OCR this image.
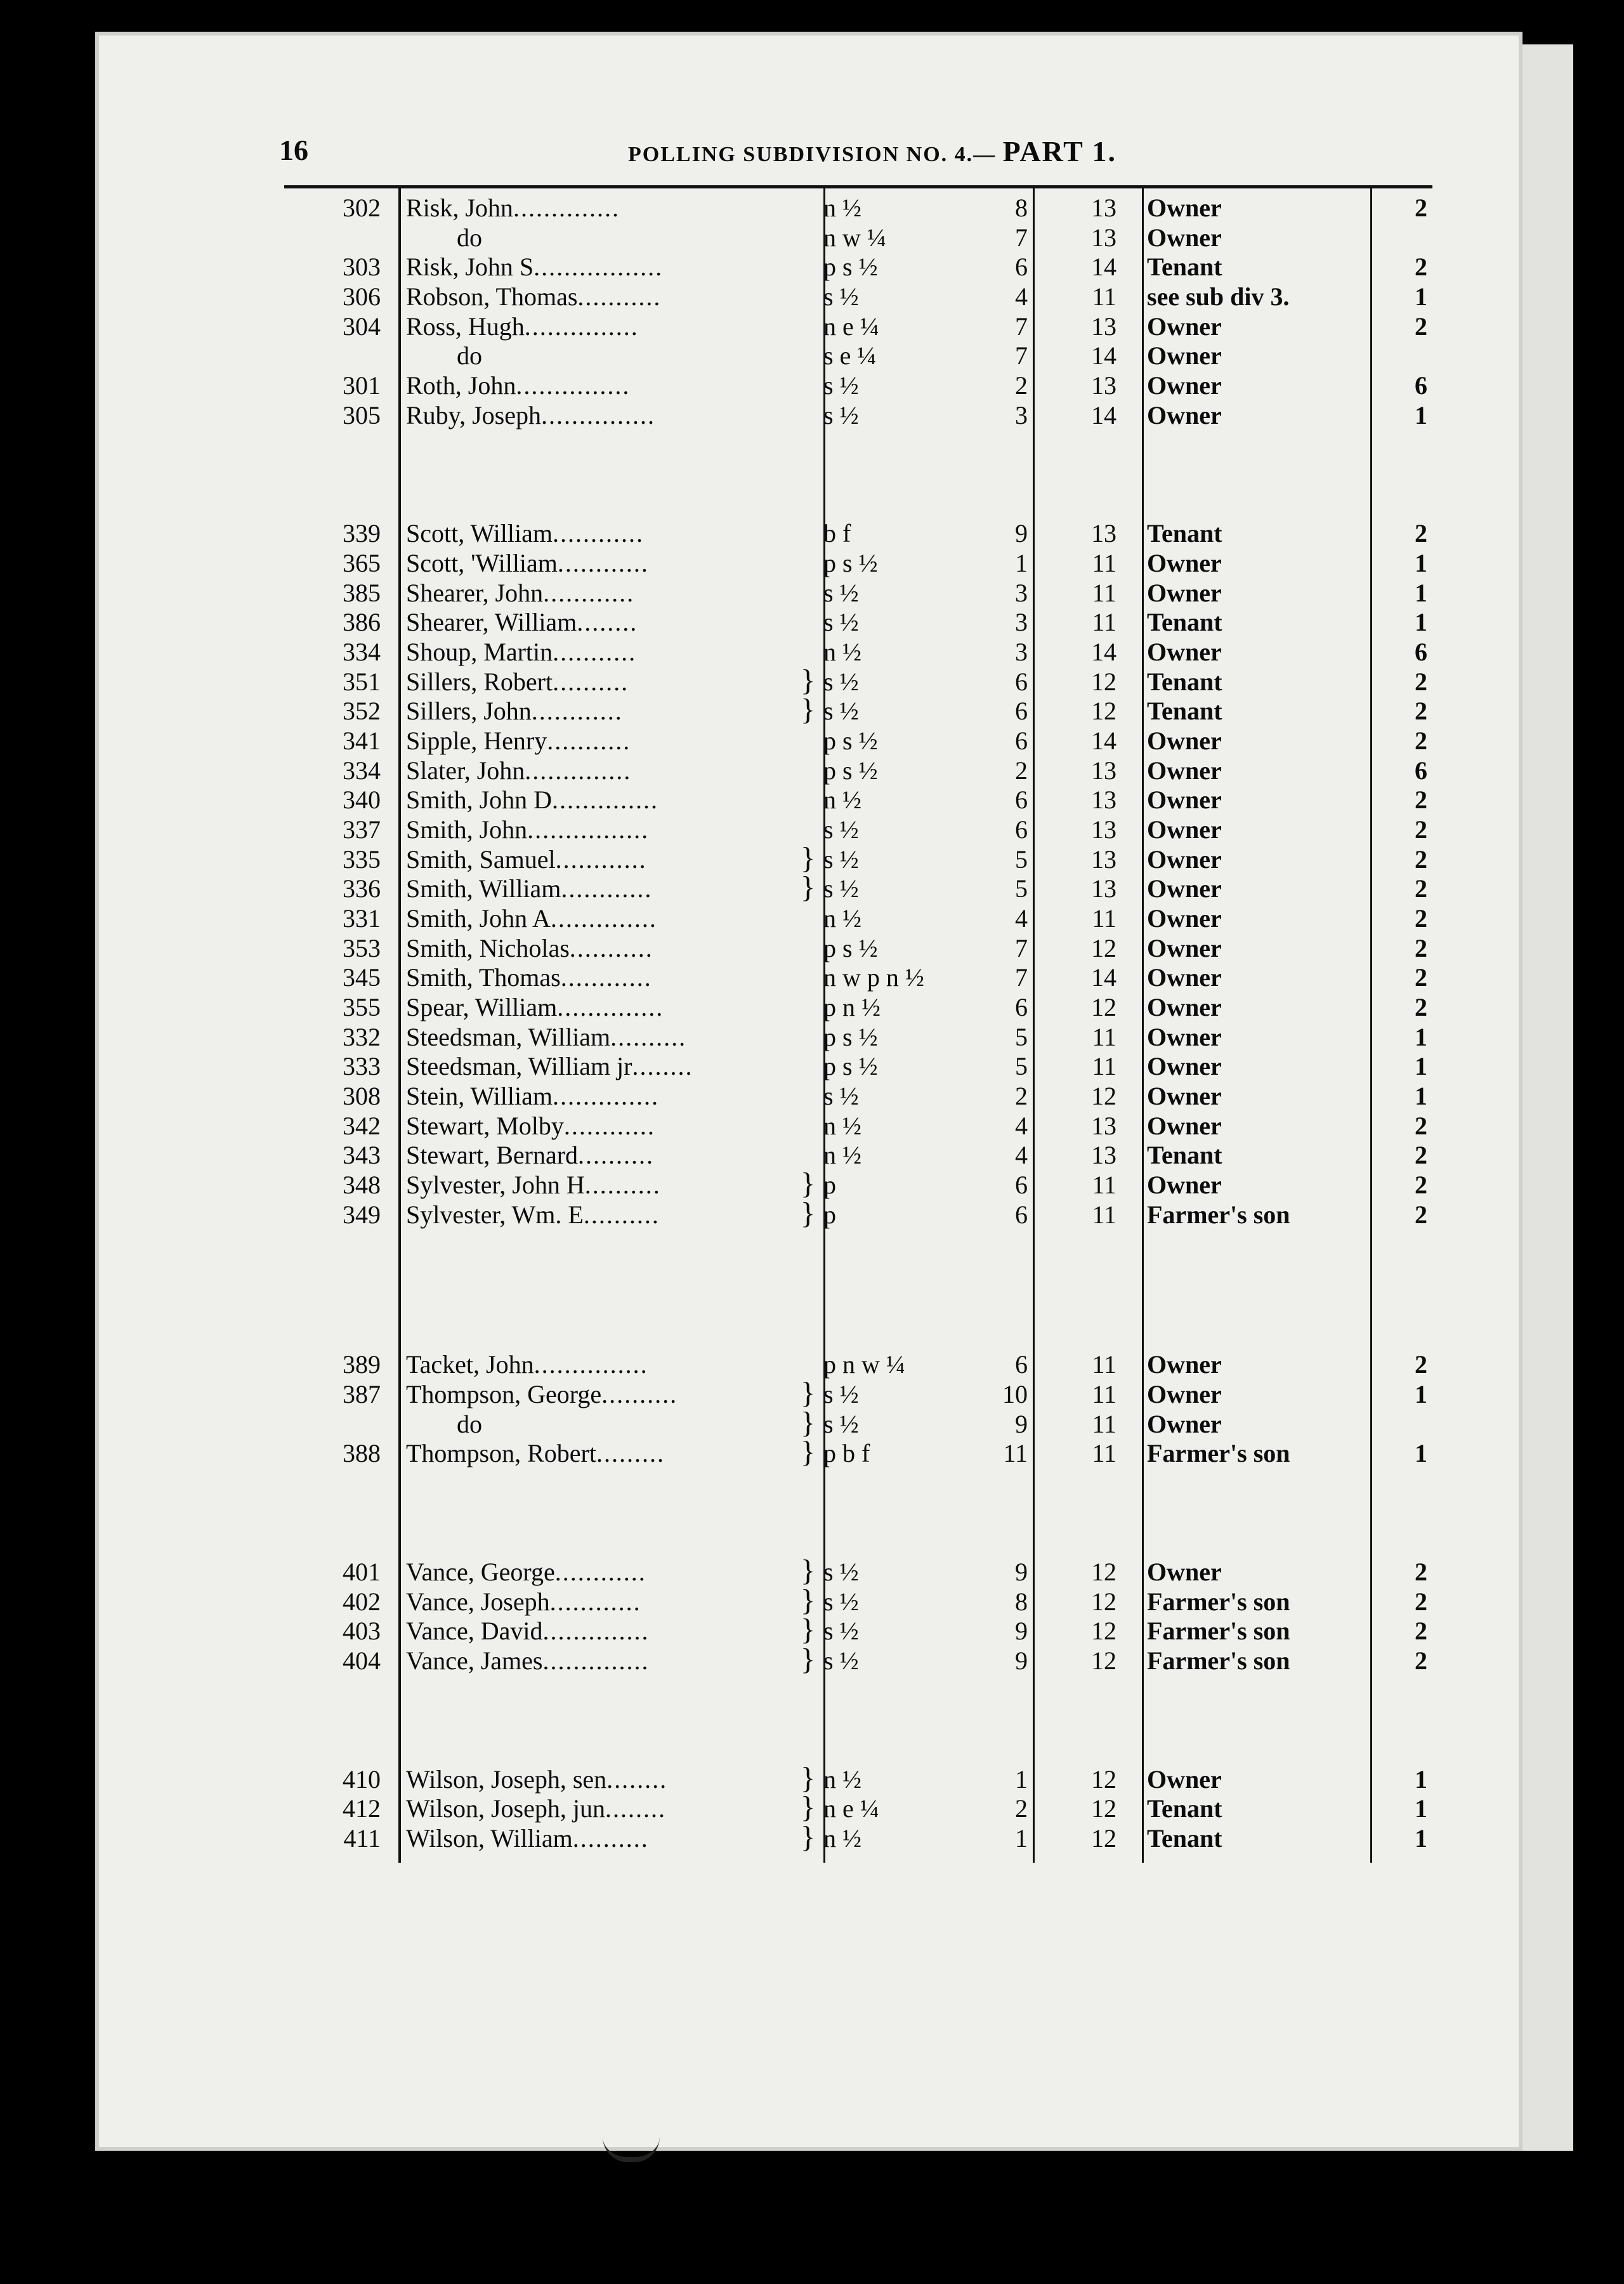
16	POLLING SUBDIVISION NO. 4.— PART 1.
302 Risk, John..............	n ½	8	13 Owner	2
do	n w ¼	7	13 Owner
303 Risk, John S.................	p s ½	6	14 Tenant	2
306 Robson, Thomas...........	s ½	4	11 see sub div 3.	1
304 Ross, Hugh...............	n e ¼	7	13 Owner	2
do	s e ¼	7	14 Owner
301 Roth, John...............	s ½	2	13 Owner	6
305 Ruby, Joseph...............	s ½	3	14 Owner	1
339 Scott, William............	b f	9	13 Tenant	2
365 Scott, 'William............	p s ½	1	11 Owner	1
385 Shearer, John............	s ½	3	11 Owner	1
386 Shearer, William........	s ½	3	11 Tenant	1
334 Shoup, Martin...........	n ½	3	14 Owner	6
351 Sillers, Robert..........	s ½	6	12 Tenant	2
}
352 Sillers, John............	s ½	6	12 Tenant	2
}
341 Sipple, Henry...........	p s ½	6	14 Owner	2
334 Slater, John..............	p s ½	2	13 Owner	6
340 Smith, John D..............	n ½	6	13 Owner	2
337 Smith, John................	s ½	6	13 Owner	2
335 Smith, Samuel............	s ½	5	13 Owner	2
}
336 Smith, William............	s ½	5	13 Owner	2
}
331 Smith, John A..............	n ½	4	11 Owner	2
353 Smith, Nicholas...........	p s ½	7	12 Owner	2
345 Smith, Thomas............	n w p n ½	7	14 Owner	2
355 Spear, William..............	p n ½	6	12 Owner	2
332 Steedsman, William..........	p s ½	5	11 Owner	1
333 Steedsman, William jr........	p s ½	5	11 Owner	1
308 Stein, William..............	s ½	2	12 Owner	1
342 Stewart, Molby............	n ½	4	13 Owner	2
343 Stewart, Bernard..........	n ½	4	13 Tenant	2
348 Sylvester, John H..........	p	6	11 Owner	2
}
349 Sylvester, Wm. E..........	p	6	11 Farmer's son	2
}
389 Tacket, John...............	p n w ¼	6	11 Owner	2
387 Thompson, George..........	s ½	10	11 Owner	1
}
do	s ½	9	11 Owner
}
388 Thompson, Robert.........	p b f	11	11 Farmer's son	1
}
401 Vance, George............	s ½	9	12 Owner	2
}
402 Vance, Joseph............	s ½	8	12 Farmer's son	2
}
403 Vance, David..............	s ½	9	12 Farmer's son	2
}
404 Vance, James..............	s ½	9	12 Farmer's son	2
}
410 Wilson, Joseph, sen........	n ½	1	12 Owner	1
}
412 Wilson, Joseph, jun........	n e ¼	2	12 Tenant	1
}
411 Wilson, William..........	n ½	1	12 Tenant	1
}
